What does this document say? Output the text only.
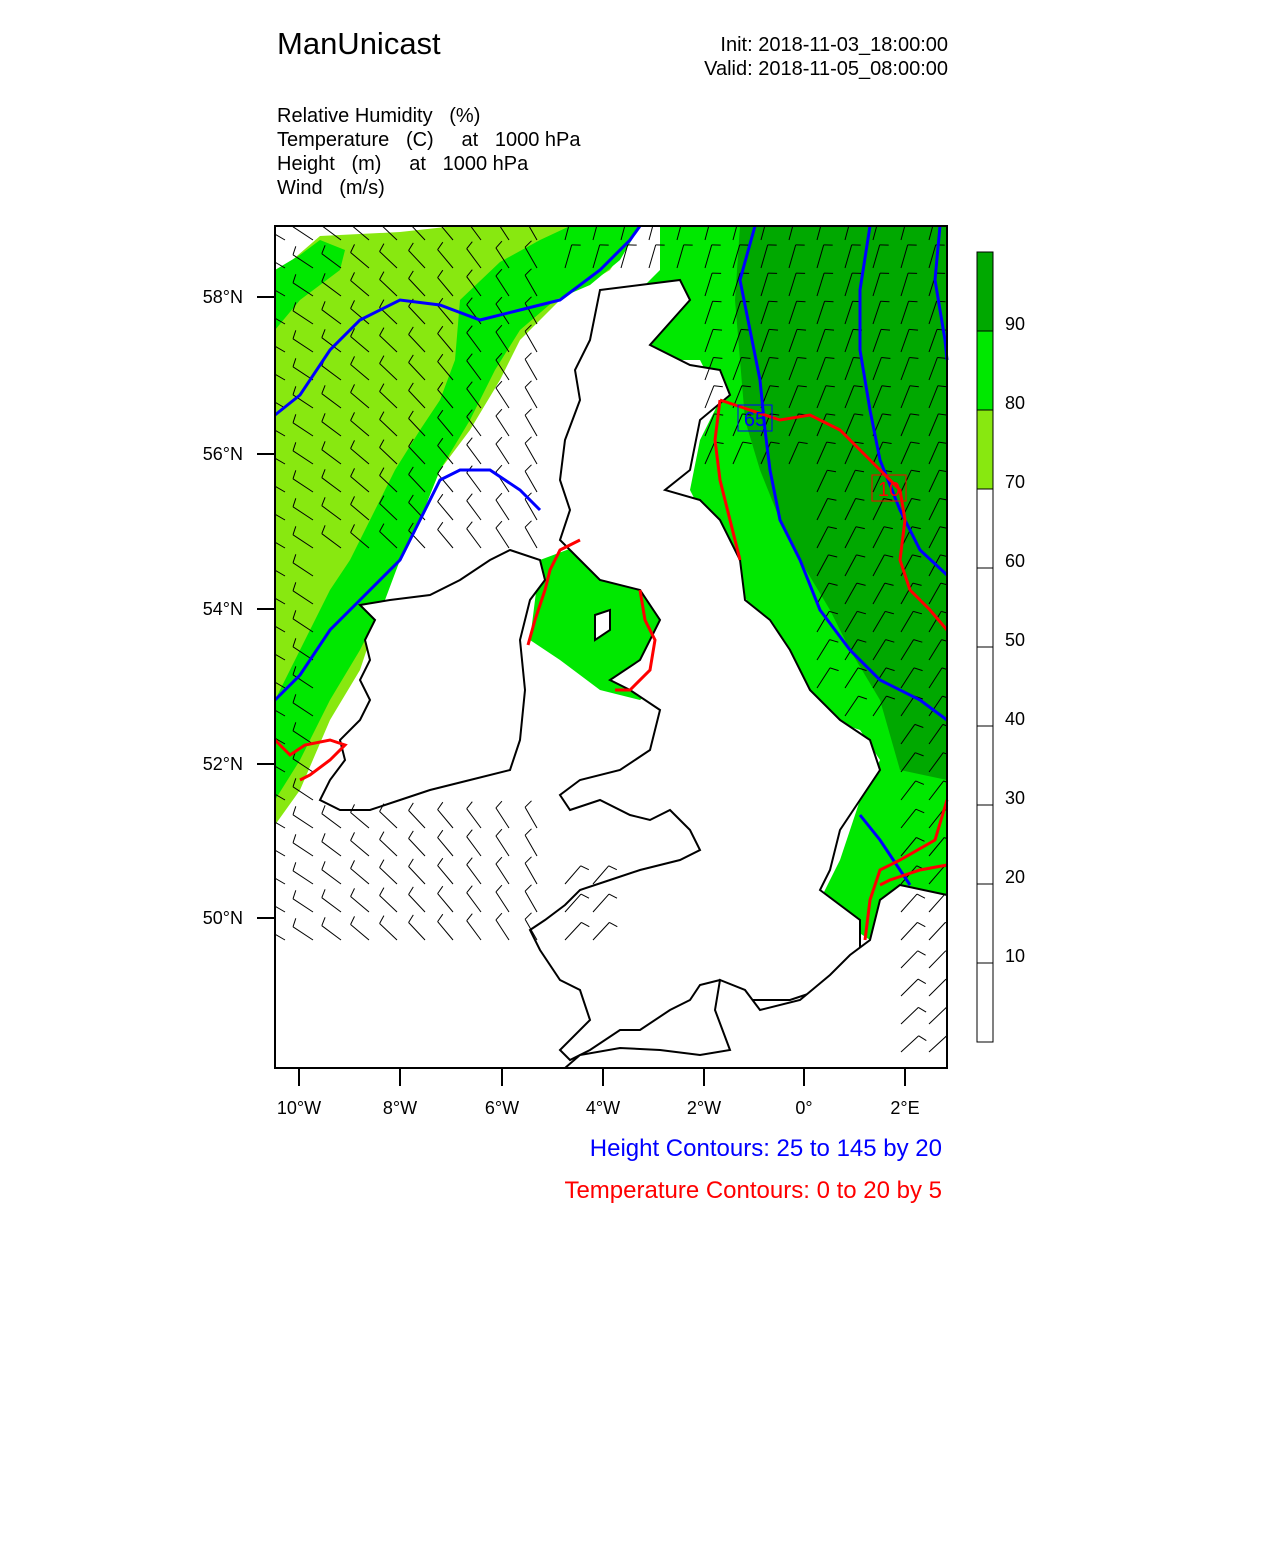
ManUnicast	Init: 2018-11-03_18:00:00
Valid: 2018-11-05_08:00:00
Relative Humidity   (%)
Temperature   (C)     at   1000 hPa
Height   (m)     at   1000 hPa
Wind   (m/s)
65
10
58°N
56°N
54°N
52°N
50°N
10°W	8°W	6°W	4°W	2°W	0°	2°E
90
80
70
60
50
40
30
20
10
Height Contours: 25 to 145 by 20
Temperature Contours: 0 to 20 by 5
